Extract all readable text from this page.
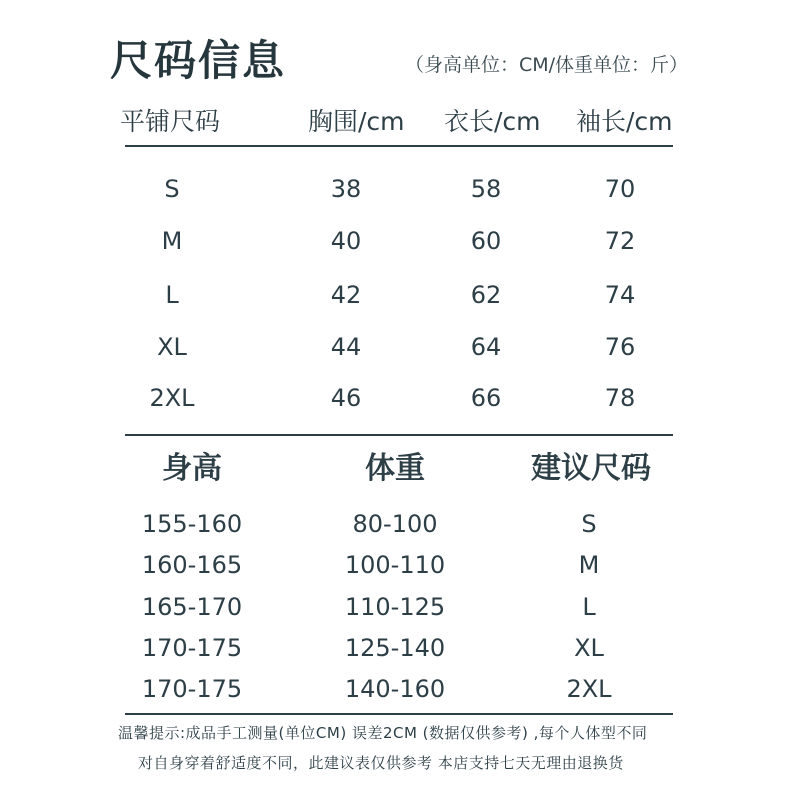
尺码信息	（身高单位：CM/体重单位：斤）
平铺尺码	胸围/cm 衣长/cm 袖长/cm
S	38	58	70
M	40	60	72
L	42	62	74
XL	44	64	76
2XL	46	66	78
身高	体重	建议尺码
155-160	80-100	S
160-165	100-110	M
165-170	110-125	L
170-175	125-140	XL
170-175	140-160	2XL
温馨提示:成品手工测量(单位CM) 误差2CM (数据仅供参考) ,每个人体型不同
对自身穿着舒适度不同，此建议表仅供参考 本店支持七天无理由退换货
